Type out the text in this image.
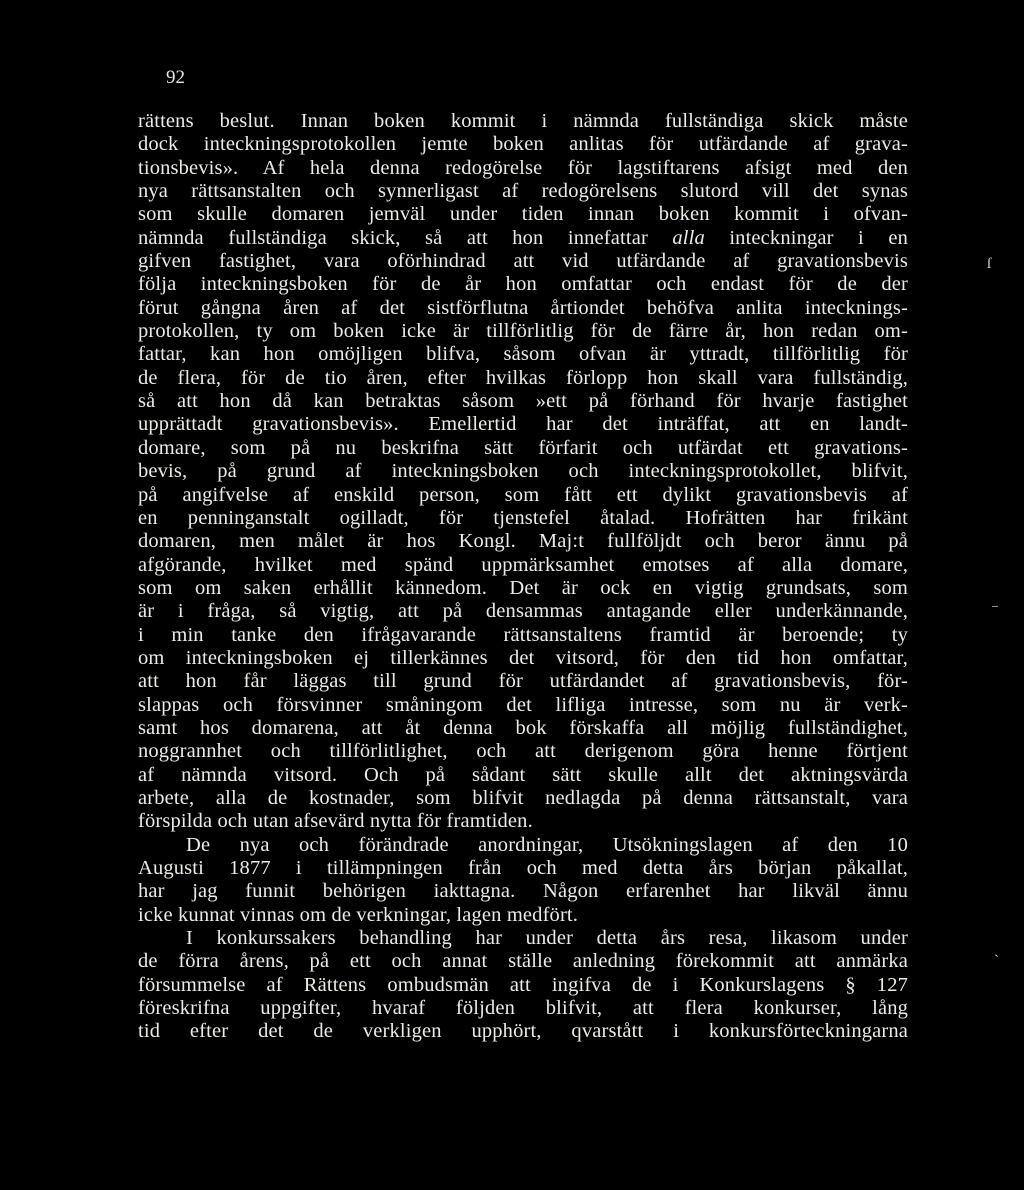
92
rättens beslut. Innan boken kommit i nämnda fullständiga skick måste
dock inteckningsprotokollen jemte boken anlitas för utfärdande af grava-
tionsbevis». Af hela denna redogörelse för lagstiftarens afsigt med den
nya rättsanstalten och synnerligast af redogörelsens slutord vill det synas
som skulle domaren jemväl under tiden innan boken kommit i ofvan-
nämnda fullständiga skick, så att hon innefattar alla inteckningar i en
gifven fastighet, vara oförhindrad att vid utfärdande af gravationsbevis
följa inteckningsboken för de år hon omfattar och endast för de der
förut gångna åren af det sistförflutna årtiondet behöfva anlita intecknings-
protokollen, ty om boken icke är tillförlitlig för de färre år, hon redan om-
fattar, kan hon omöjligen blifva, såsom ofvan är yttradt, tillförlitlig för
de flera, för de tio åren, efter hvilkas förlopp hon skall vara fullständig,
så att hon då kan betraktas såsom »ett på förhand för hvarje fastighet
upprättadt gravationsbevis». Emellertid har det inträffat, att en landt-
domare, som på nu beskrifna sätt förfarit och utfärdat ett gravations-
bevis, på grund af inteckningsboken och inteckningsprotokollet, blifvit,
på angifvelse af enskild person, som fått ett dylikt gravationsbevis af
en penninganstalt ogilladt, för tjenstefel åtalad. Hofrätten har frikänt
domaren, men målet är hos Kongl. Maj:t fullföljdt och beror ännu på
afgörande, hvilket med spänd uppmärksamhet emotses af alla domare,
som om saken erhållit kännedom. Det är ock en vigtig grundsats, som
är i fråga, så vigtig, att på densammas antagande eller underkännande,
i min tanke den ifrågavarande rättsanstaltens framtid är beroende; ty
om inteckningsboken ej tillerkännes det vitsord, för den tid hon omfattar,
att hon får läggas till grund för utfärdandet af gravationsbevis, för-
slappas och försvinner småningom det lifliga intresse, som nu är verk-
samt hos domarena, att åt denna bok förskaffa all möjlig fullständighet,
noggrannhet och tillförlitlighet, och att derigenom göra henne förtjent
af nämnda vitsord. Och på sådant sätt skulle allt det aktningsvärda
arbete, alla de kostnader, som blifvit nedlagda på denna rättsanstalt, vara
förspilda och utan afsevärd nytta för framtiden.
De nya och förändrade anordningar, Utsökningslagen af den 10
Augusti 1877 i tillämpningen från och med detta års början påkallat,
har jag funnit behörigen iakttagna. Någon erfarenhet har likväl ännu
icke kunnat vinnas om de verkningar, lagen medfört.
I konkurssakers behandling har under detta års resa, likasom under
de förra årens, på ett och annat ställe anledning förekommit att anmärka
försummelse af Rättens ombudsmän att ingifva de i Konkurslagens § 127
föreskrifna uppgifter, hvaraf följden blifvit, att flera konkurser, lång
tid efter det de verkligen upphört, qvarstått i konkursförteckningarna
ſ
⁻
ˎ
